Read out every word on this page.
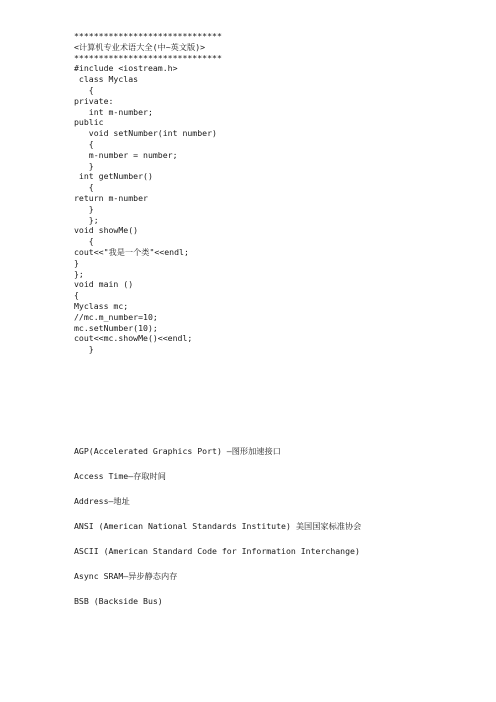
******************************
<计算机专业术语大全(中~英文版)>
******************************
#include <iostream.h>
class Myclas
{
private:
int m-number;
public
void setNumber(int number)
{
m-number = number;
}
int getNumber()
{
return m-number
}
};
void showMe()
{
cout<<"我是一个类"<<endl;
}
};
void main ()
{
Myclass mc;
//mc.m_number=10;
mc.setNumber(10);
cout<<mc.showMe()<<endl;
}
AGP(Accelerated Graphics Port) —图形加速接口
Access Time—存取时间
Address—地址
ANSI (American National Standards Institute) 美国国家标准协会
ASCII (American Standard Code for Information Interchange)
Async SRAM—异步静态内存
BSB (Backside Bus)
